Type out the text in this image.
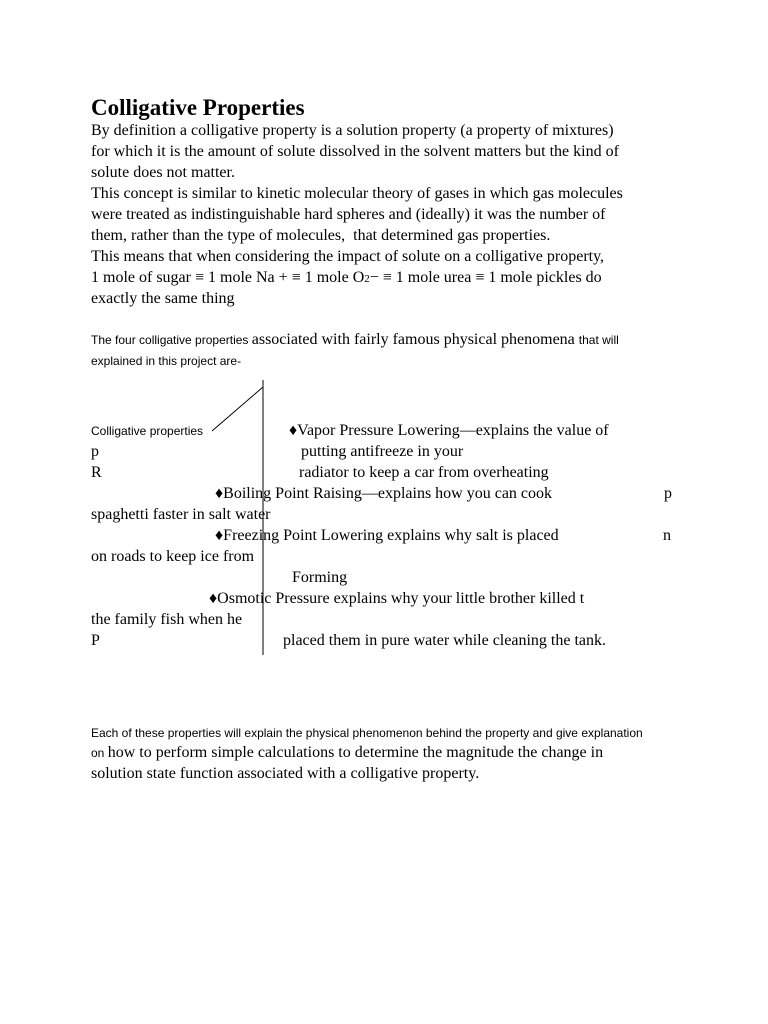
Colligative Properties
By definition a colligative property is a solution property (a property of mixtures)
for which it is the amount of solute dissolved in the solvent matters but the kind of
solute does not matter.
This concept is similar to kinetic molecular theory of gases in which gas molecules
were treated as indistinguishable hard spheres and (ideally) it was the number of
them, rather than the type of molecules,  that determined gas properties.
This means that when considering the impact of solute on a colligative property,
1 mole of sugar ≡ 1 mole Na + ≡ 1 mole O2− ≡ 1 mole urea ≡ 1 mole pickles do
exactly the same thing
The four colligative properties associated with fairly famous physical phenomena that will
explained in this project are-
Colligative properties	♦Vapor Pressure Lowering—explains the value of
p	putting antifreeze in your
R	radiator to keep a car from overheating
♦Boiling Point Raising—explains how you can cook	p
spaghetti faster in salt water
♦Freezing Point Lowering explains why salt is placed	n
on roads to keep ice from
Forming
♦Osmotic Pressure explains why your little brother killed t
the family fish when he
P	placed them in pure water while cleaning the tank.
Each of these properties will explain the physical phenomenon behind the property and give explanation
on how to perform simple calculations to determine the magnitude the change in
solution state function associated with a colligative property.
